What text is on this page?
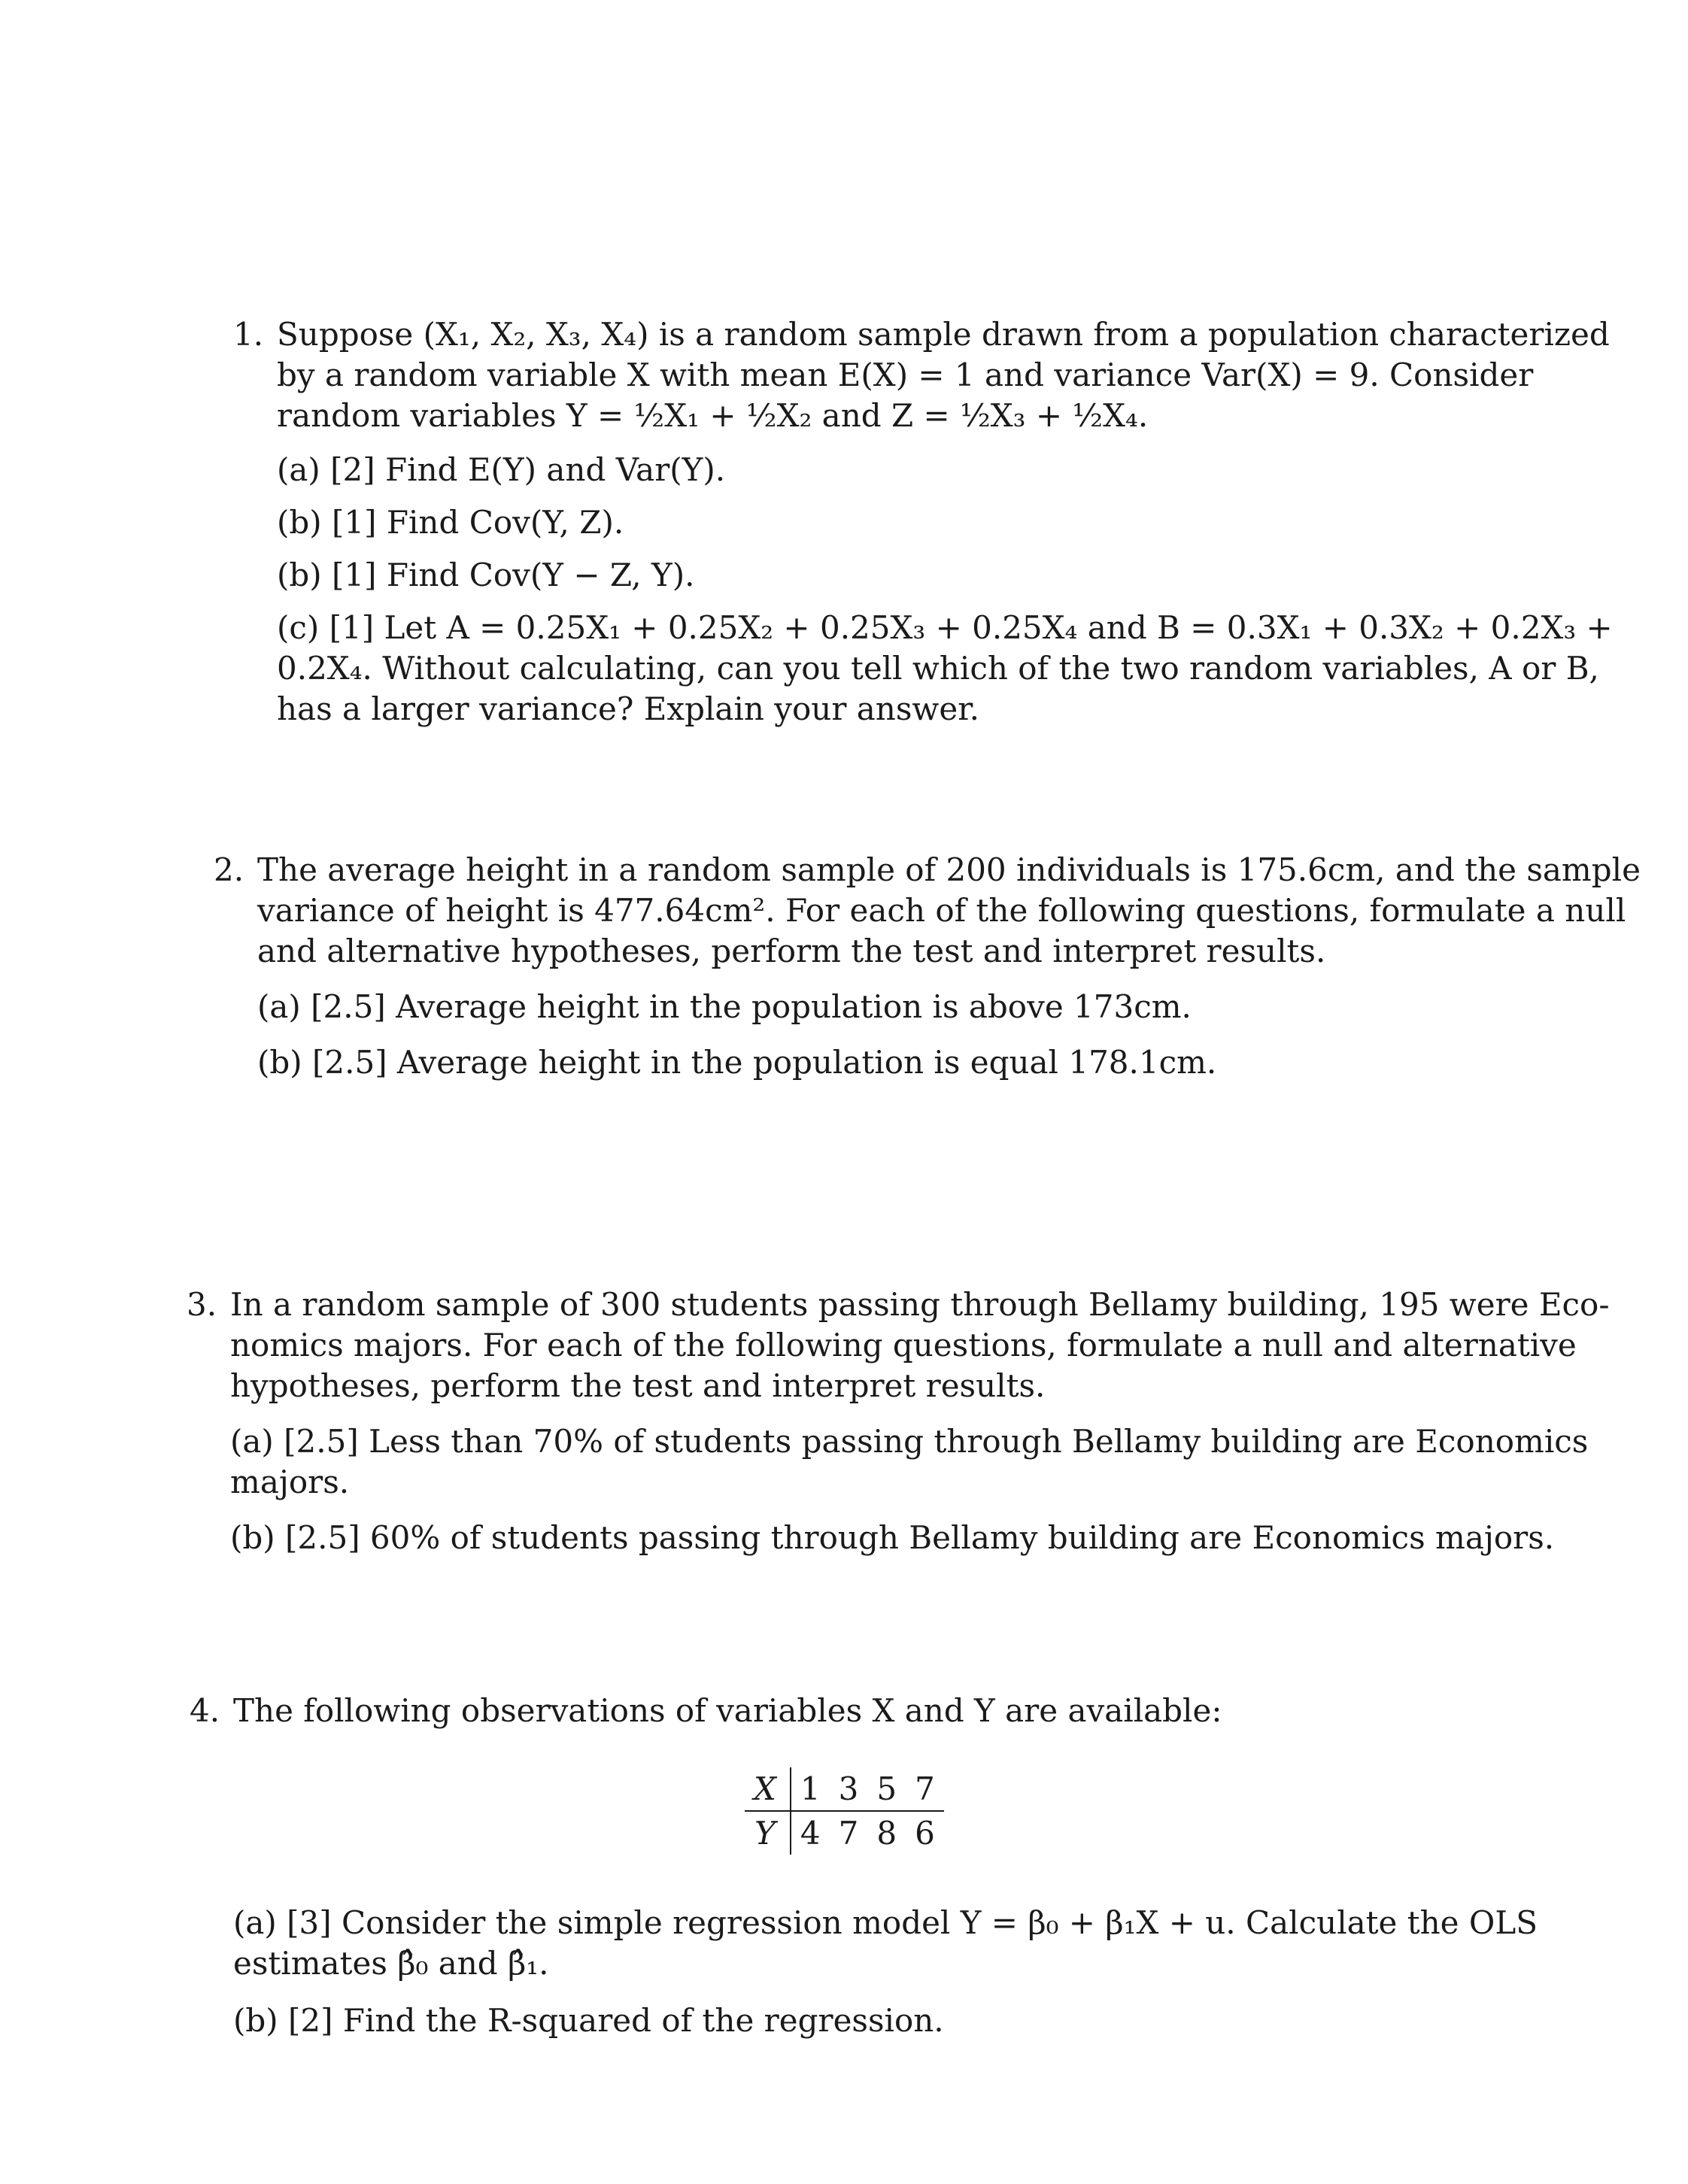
1. Suppose (X₁, X₂, X₃, X₄) is a random sample drawn from a population characterized
by a random variable X with mean E(X) = 1 and variance Var(X) = 9. Consider
random variables Y = ½X₁ + ½X₂ and Z = ½X₃ + ½X₄.
(a) [2] Find E(Y) and Var(Y).
(b) [1] Find Cov(Y, Z).
(b) [1] Find Cov(Y − Z, Y).
(c) [1] Let A = 0.25X₁ + 0.25X₂ + 0.25X₃ + 0.25X₄ and B = 0.3X₁ + 0.3X₂ + 0.2X₃ +
0.2X₄. Without calculating, can you tell which of the two random variables, A or B,
has a larger variance? Explain your answer.
2. The average height in a random sample of 200 individuals is 175.6cm, and the sample
variance of height is 477.64cm². For each of the following questions, formulate a null
and alternative hypotheses, perform the test and interpret results.
(a) [2.5] Average height in the population is above 173cm.
(b) [2.5] Average height in the population is equal 178.1cm.
3. In a random sample of 300 students passing through Bellamy building, 195 were Eco-
nomics majors. For each of the following questions, formulate a null and alternative
hypotheses, perform the test and interpret results.
(a) [2.5] Less than 70% of students passing through Bellamy building are Economics
majors.
(b) [2.5] 60% of students passing through Bellamy building are Economics majors.
4. The following observations of variables X and Y are available:
X	1	3	5	7
Y	4	7	8	6
(a) [3] Consider the simple regression model Y = β₀ + β₁X + u. Calculate the OLS
estimates β̂₀ and β̂₁.
(b) [2] Find the R-squared of the regression.
